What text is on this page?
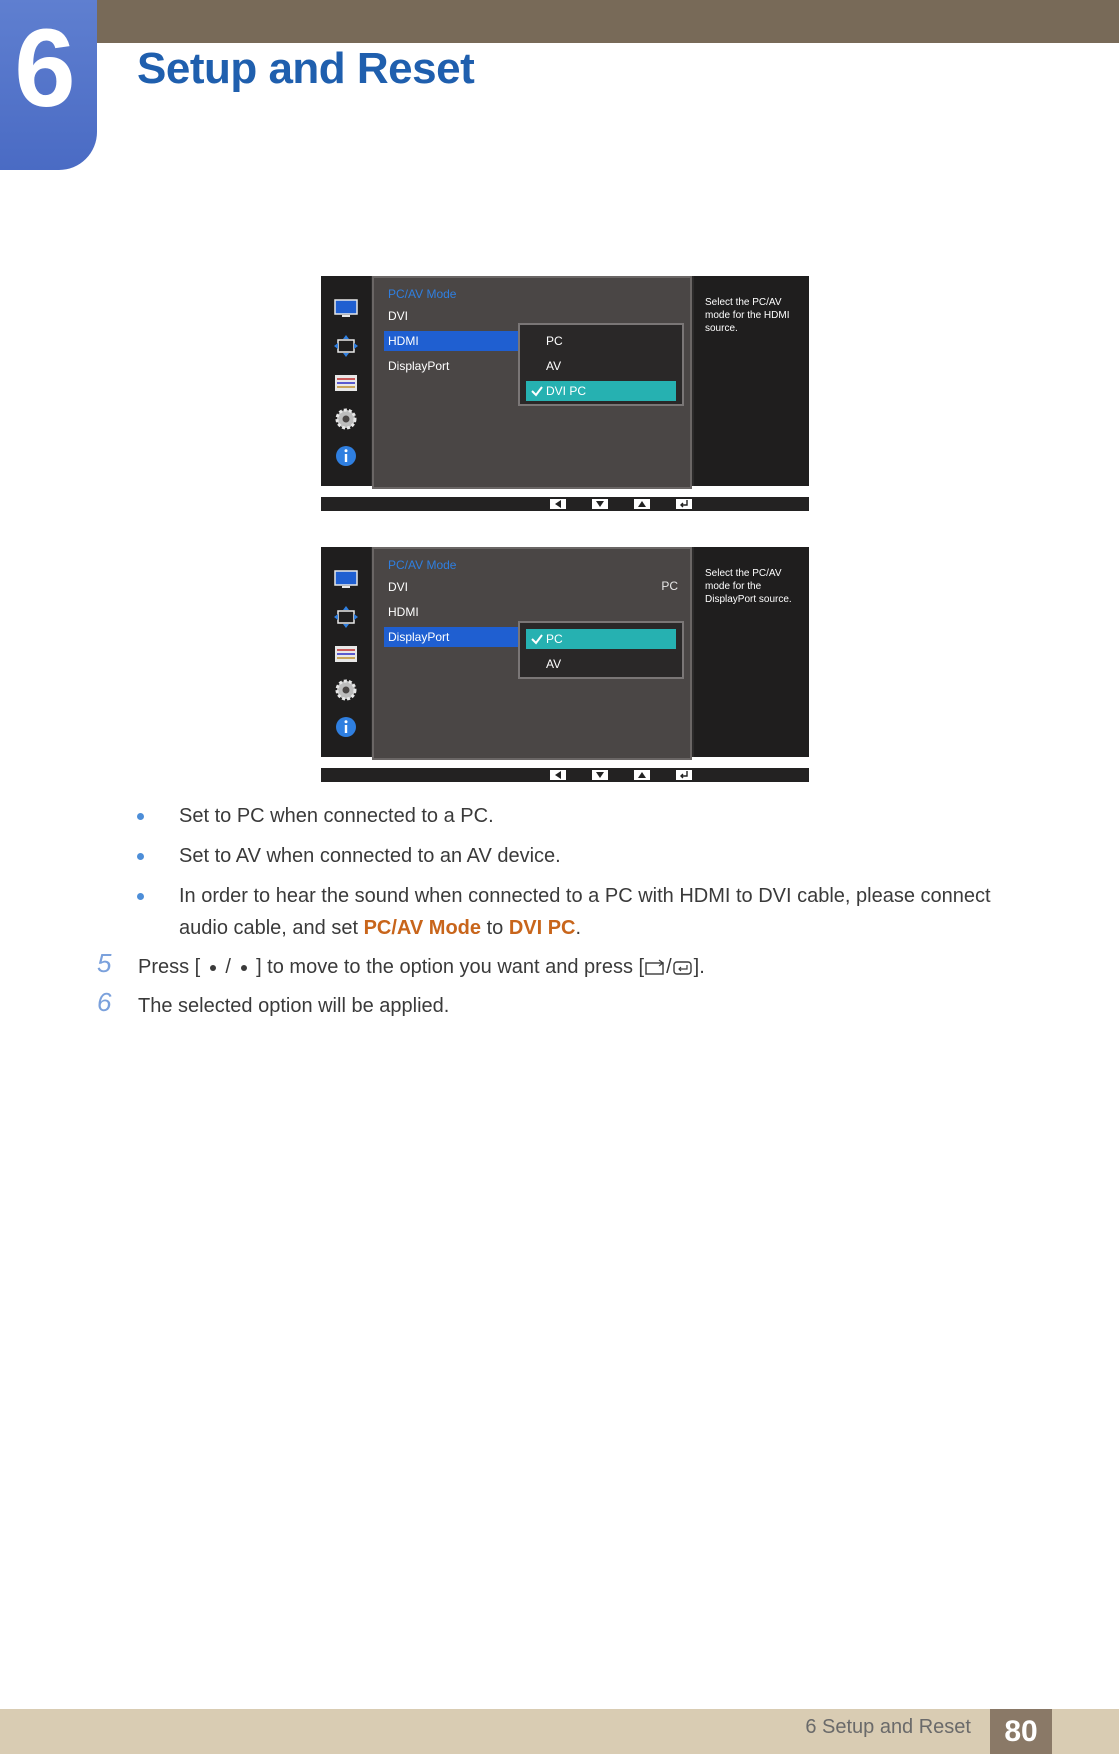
6 Setup and Reset
PC/AV Mode
DVI
HDMI
DisplayPort
PC
AV
DVI PC
Select the PC/AV mode for the HDMI source.
PC/AV Mode
DVI	PC
HDMI
DisplayPort	PC
AV
Select the PC/AV mode for the DisplayPort source.
Set to PC when connected to a PC.
Set to AV when connected to an AV device.
In order to hear the sound when connected to a PC with HDMI to DVI cable, please connect audio cable, and set PC/AV Mode to DVI PC.
5 Press [ / ] to move to the option you want and press [ / ].
6 The selected option will be applied.
6 Setup and Reset	80
